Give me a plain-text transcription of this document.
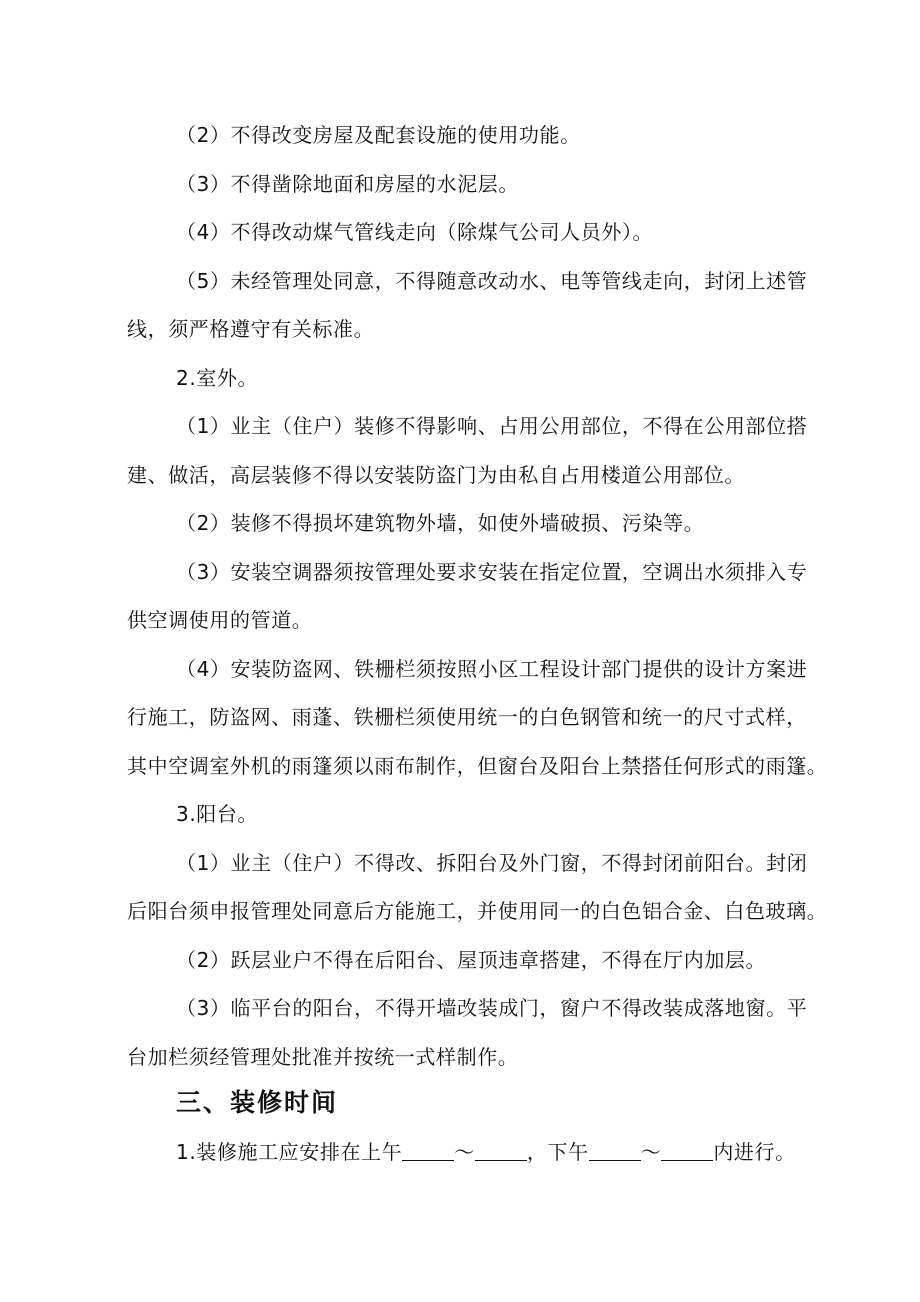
（2）不得改变房屋及配套设施的使用功能。
（3）不得凿除地面和房屋的水泥层。
（4）不得改动煤气管线走向（除煤气公司人员外）。
（5）未经管理处同意，不得随意改动水、电等管线走向，封闭上述管
线，须严格遵守有关标准。
2.室外。
（1）业主（住户）装修不得影响、占用公用部位，不得在公用部位搭
建、做活，高层装修不得以安装防盗门为由私自占用楼道公用部位。
（2）装修不得损坏建筑物外墙，如使外墙破损、污染等。
（3）安装空调器须按管理处要求安装在指定位置，空调出水须排入专
供空调使用的管道。
（4）安装防盗网、铁栅栏须按照小区工程设计部门提供的设计方案进
行施工，防盗网、雨蓬、铁栅栏须使用统一的白色钢管和统一的尺寸式样，
其中空调室外机的雨篷须以雨布制作，但窗台及阳台上禁搭任何形式的雨篷。
3.阳台。
（1）业主（住户）不得改、拆阳台及外门窗，不得封闭前阳台。封闭
后阳台须申报管理处同意后方能施工，并使用同一的白色铝合金、白色玻璃。
（2）跃层业户不得在后阳台、屋顶违章搭建，不得在厅内加层。
（3）临平台的阳台，不得开墙改装成门，窗户不得改装成落地窗。平
台加栏须经管理处批准并按统一式样制作。
三、装修时间
1.装修施工应安排在上午	～	，下午	～	内进行。
